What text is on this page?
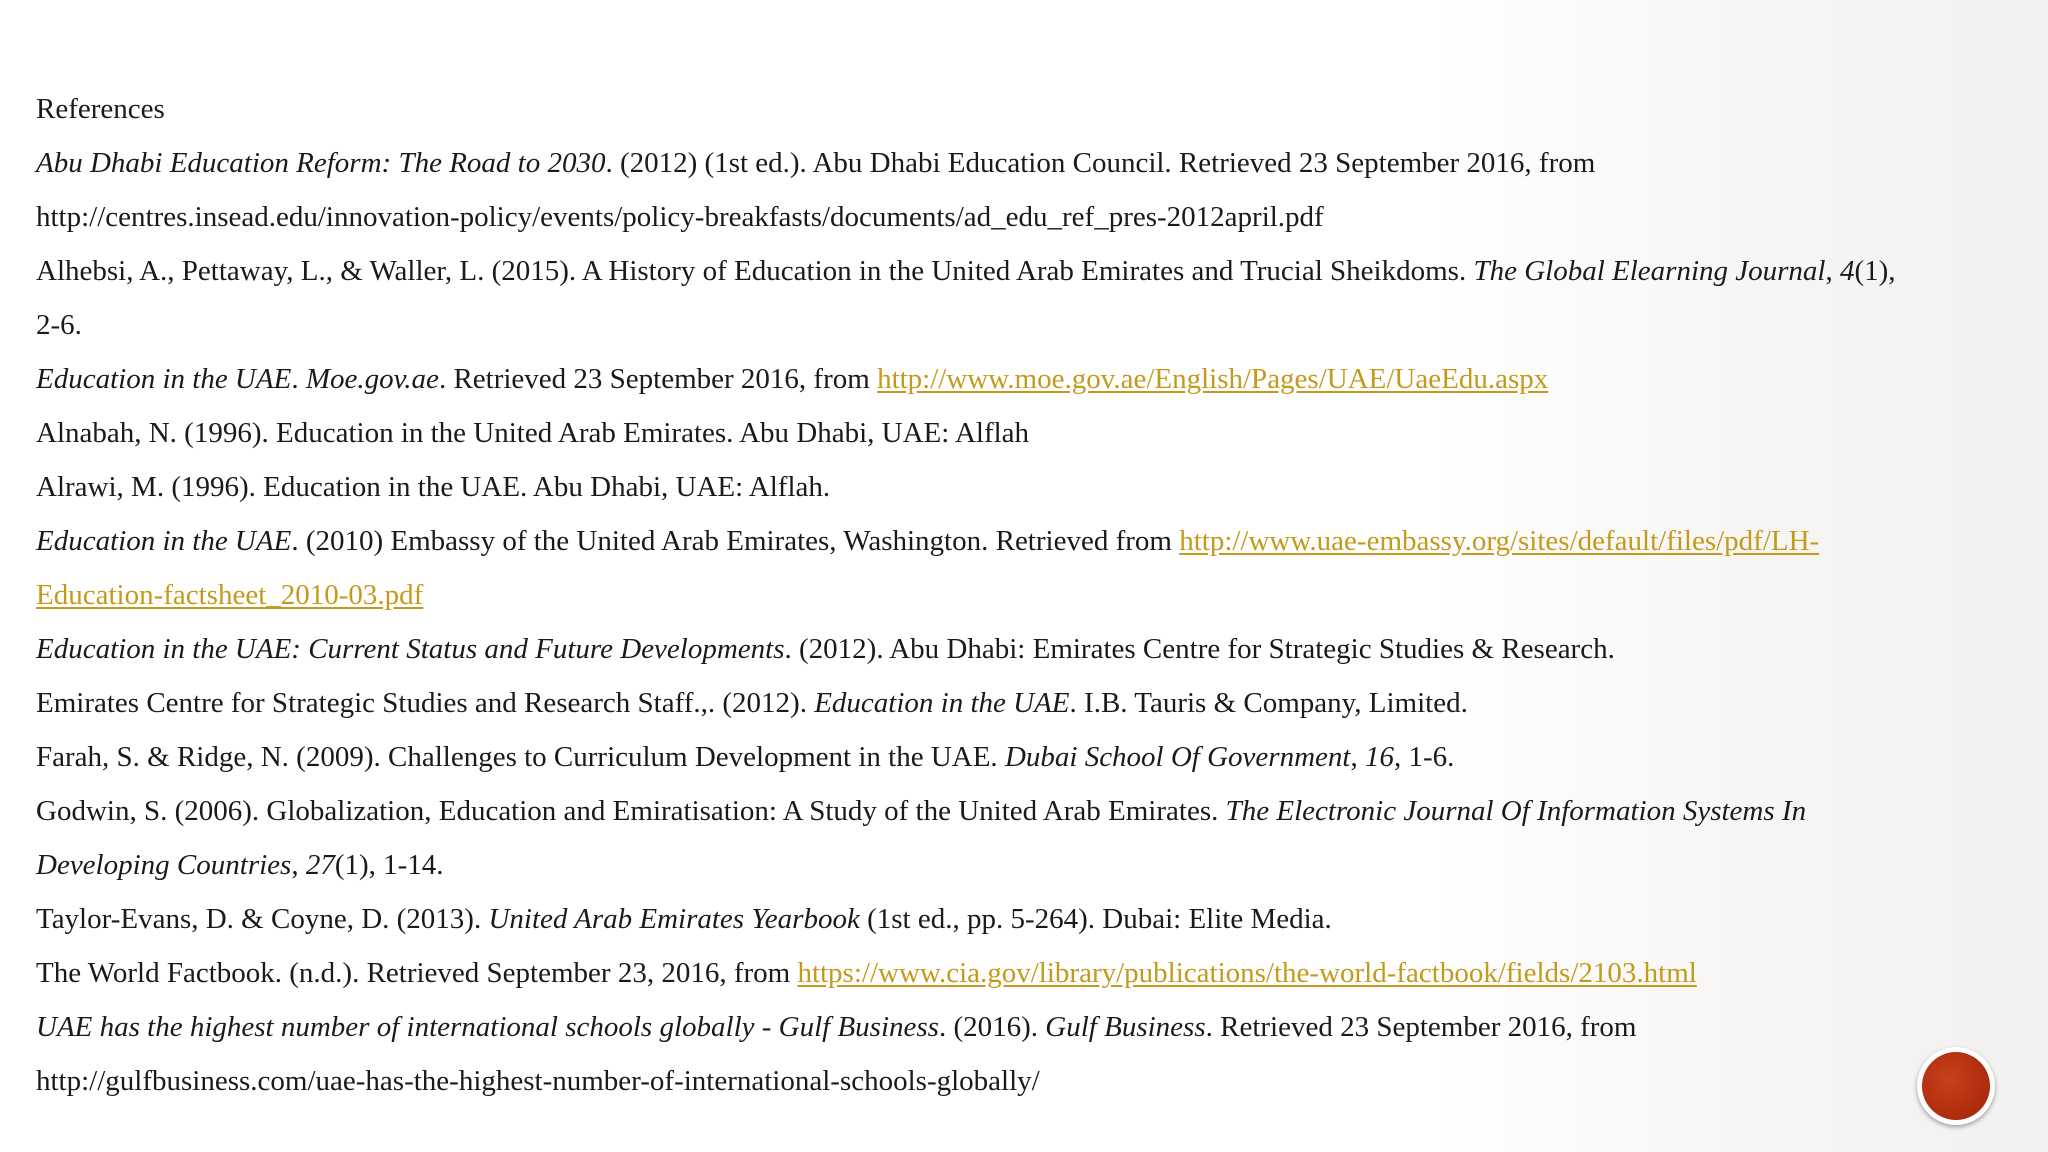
References
Abu Dhabi Education Reform: The Road to 2030. (2012) (1st ed.). Abu Dhabi Education Council. Retrieved 23 September 2016, from
http://centres.insead.edu/innovation-policy/events/policy-breakfasts/documents/ad_edu_ref_pres-2012april.pdf
Alhebsi, A., Pettaway, L., & Waller, L. (2015). A History of Education in the United Arab Emirates and Trucial Sheikdoms. The Global Elearning Journal, 4(1),
2-6.
Education in the UAE. Moe.gov.ae. Retrieved 23 September 2016, from http://www.moe.gov.ae/English/Pages/UAE/UaeEdu.aspx
Alnabah, N. (1996). Education in the United Arab Emirates. Abu Dhabi, UAE: Alflah
Alrawi, M. (1996). Education in the UAE. Abu Dhabi, UAE: Alflah.
Education in the UAE. (2010) Embassy of the United Arab Emirates, Washington. Retrieved from http://www.uae-embassy.org/sites/default/files/pdf/LH-
Education-factsheet_2010-03.pdf
Education in the UAE: Current Status and Future Developments. (2012). Abu Dhabi: Emirates Centre for Strategic Studies & Research.
Emirates Centre for Strategic Studies and Research Staff.,. (2012). Education in the UAE. I.B. Tauris & Company, Limited.
Farah, S. & Ridge, N. (2009). Challenges to Curriculum Development in the UAE. Dubai School Of Government, 16, 1-6.
Godwin, S. (2006). Globalization, Education and Emiratisation: A Study of the United Arab Emirates. The Electronic Journal Of Information Systems In
Developing Countries, 27(1), 1-14.
Taylor-Evans, D. & Coyne, D. (2013). United Arab Emirates Yearbook (1st ed., pp. 5-264). Dubai: Elite Media.
The World Factbook. (n.d.). Retrieved September 23, 2016, from https://www.cia.gov/library/publications/the-world-factbook/fields/2103.html
UAE has the highest number of international schools globally - Gulf Business. (2016). Gulf Business. Retrieved 23 September 2016, from
http://gulfbusiness.com/uae-has-the-highest-number-of-international-schools-globally/
